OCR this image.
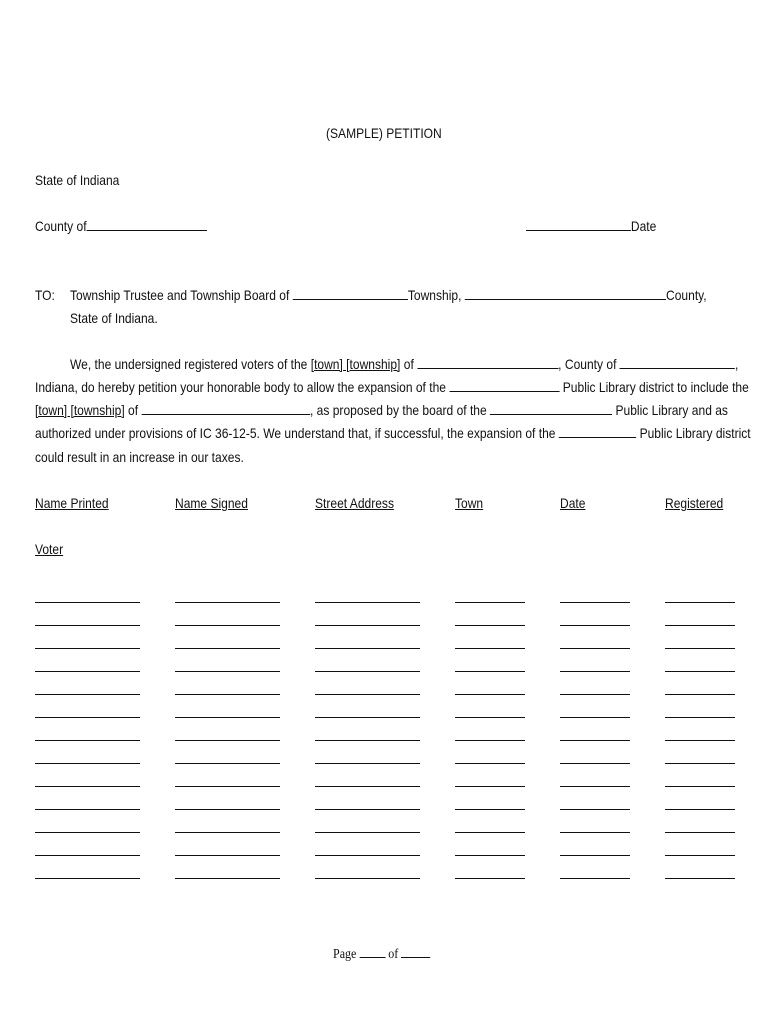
(SAMPLE) PETITION
State of Indiana
County of	Date
TO: Township Trustee and Township Board of	Township,	County,
State of Indiana.
We, the undersigned registered voters of the [town] [township] of	, County of	,
Indiana, do hereby petition your honorable body to allow the expansion of the	Public Library district to include the
[town] [township] of	, as proposed by the board of the	Public Library and as
authorized under provisions of IC 36-12-5. We understand that, if successful, the expansion of the	Public Library district
could result in an increase in our taxes.
Name Printed	Name Signed	Street Address	Town	Date	Registered
Voter
Page of
